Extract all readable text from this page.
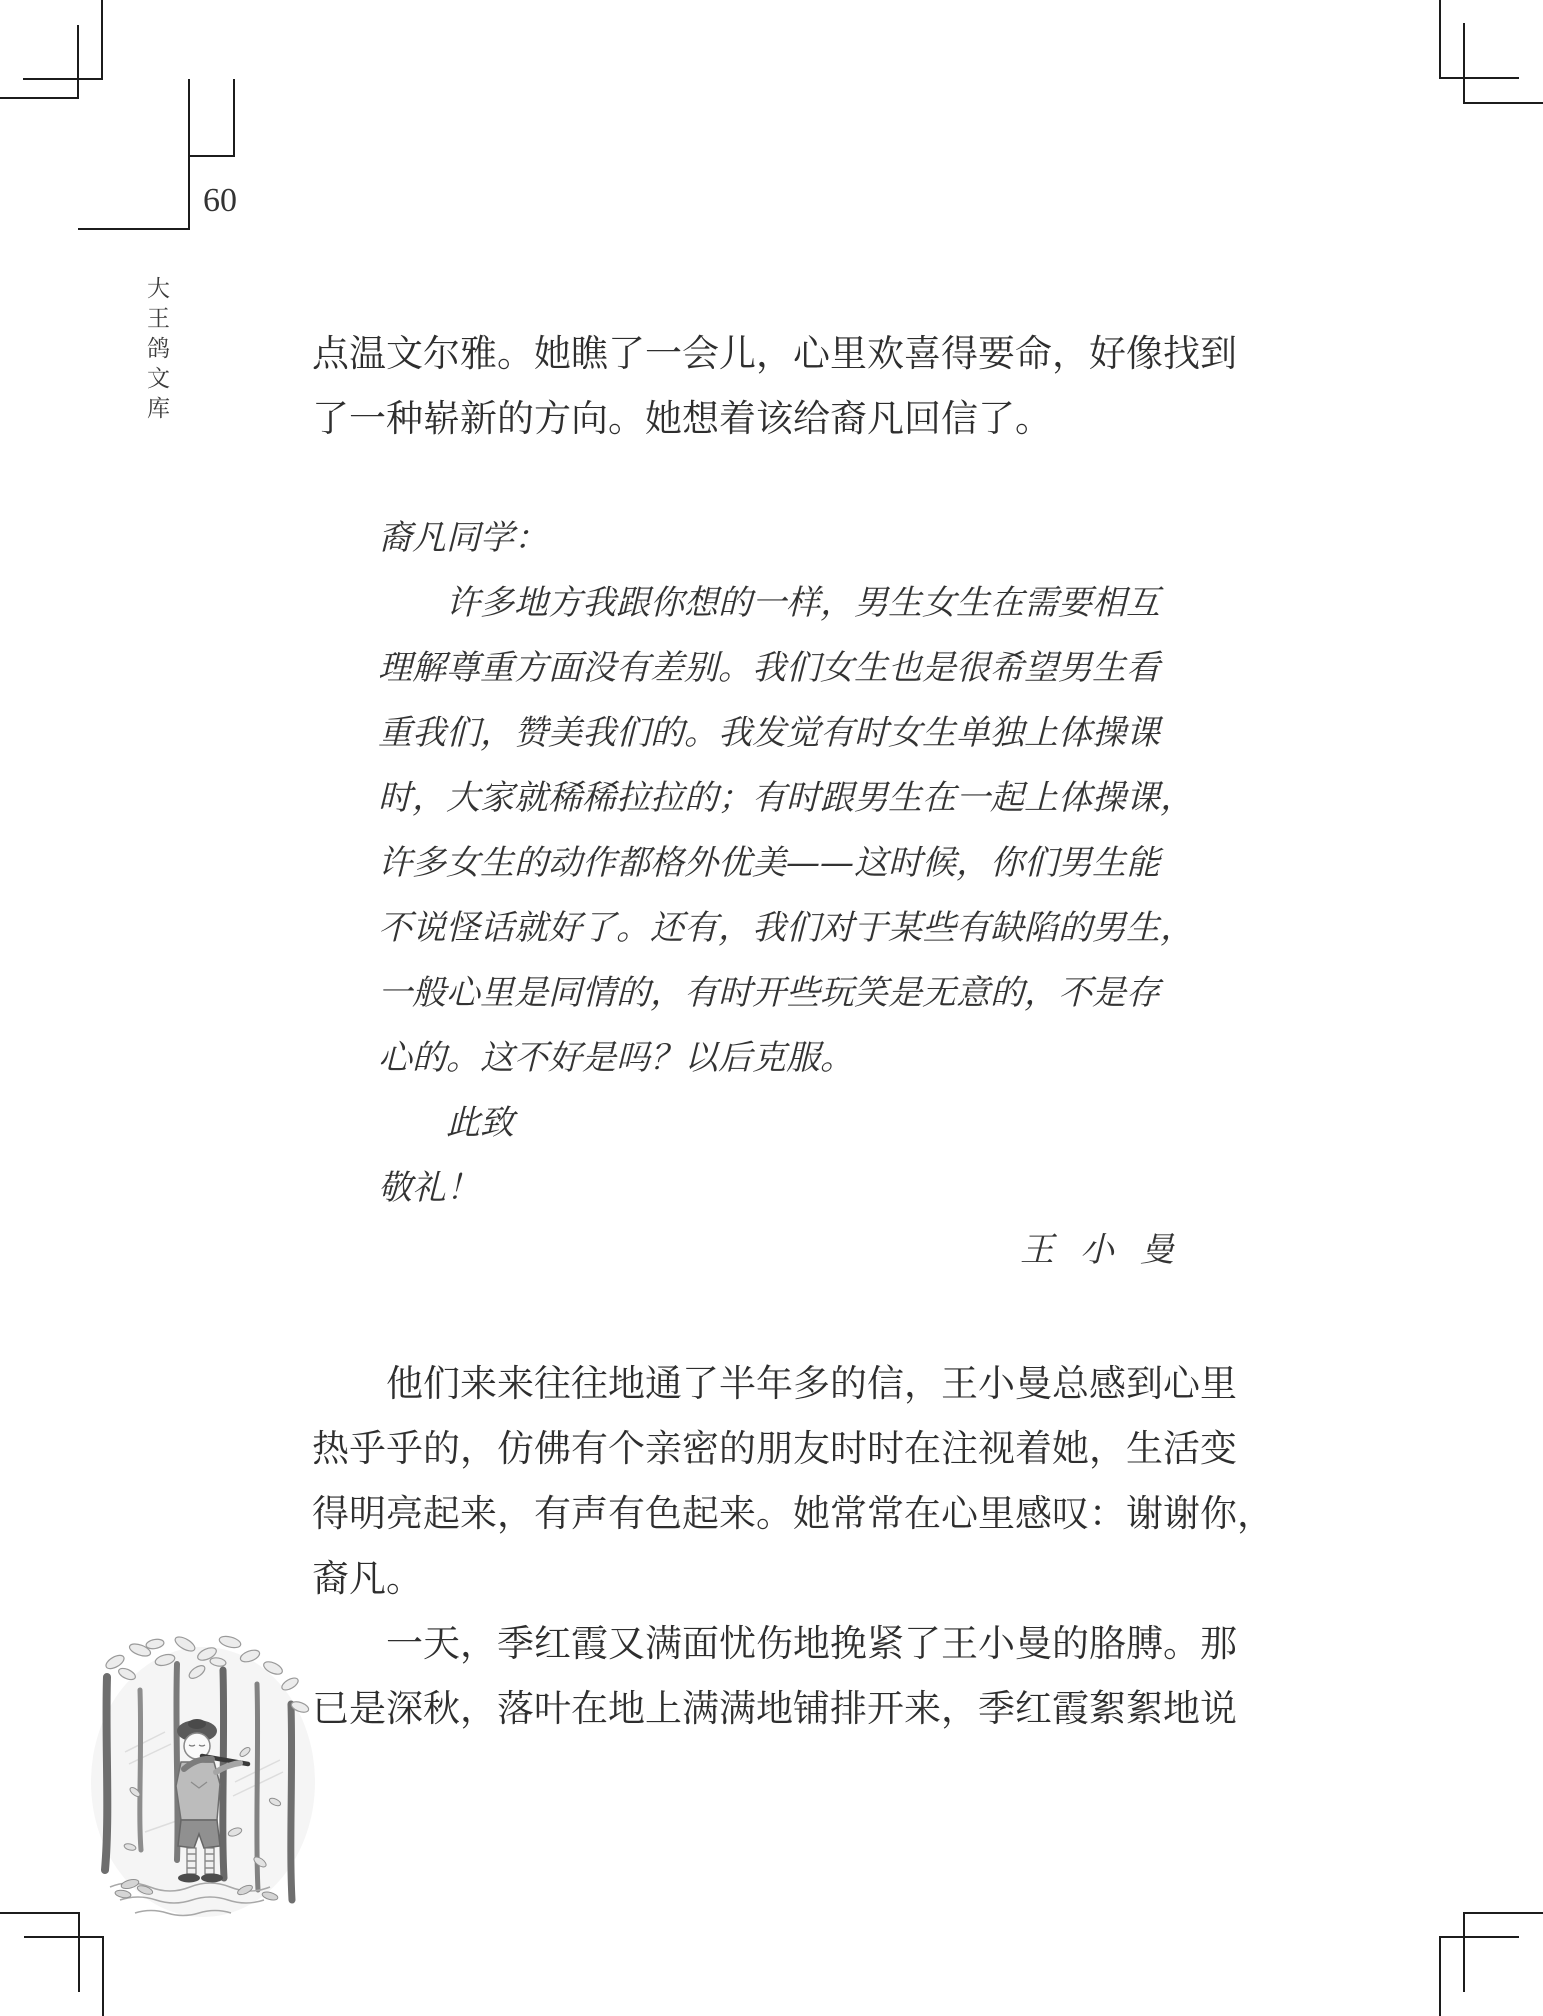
60
大王鸽文库	点温文尔雅。她瞧了一会儿，心里欢喜得要命，好像找到
了一种崭新的方向。她想着该给裔凡回信了。
裔凡同学：
许多地方我跟你想的一样，男生女生在需要相互
理解尊重方面没有差别。我们女生也是很希望男生看
重我们，赞美我们的。我发觉有时女生单独上体操课
时，大家就稀稀拉拉的；有时跟男生在一起上体操课，
许多女生的动作都格外优美——这时候，你们男生能
不说怪话就好了。还有，我们对于某些有缺陷的男生，
一般心里是同情的，有时开些玩笑是无意的，不是存
心的。这不好是吗？以后克服。
此致
敬礼！
王小曼
他们来来往往地通了半年多的信，王小曼总感到心里
热乎乎的，仿佛有个亲密的朋友时时在注视着她，生活变
得明亮起来，有声有色起来。她常常在心里感叹：谢谢你，
裔凡。
一天，季红霞又满面忧伤地挽紧了王小曼的胳膊。那
已是深秋，落叶在地上满满地铺排开来，季红霞絮絮地说
